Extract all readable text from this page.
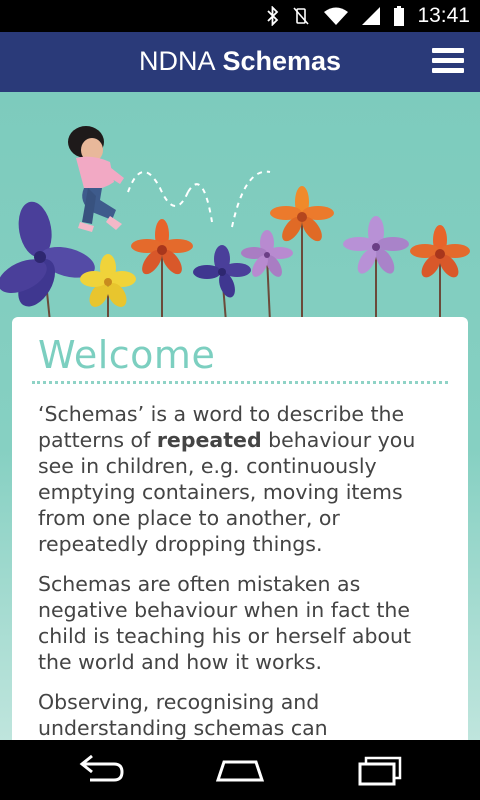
13:41
NDNA Schemas
Welcome

‘Schemas’ is a word to describe the patterns of repeated behaviour you see in children, e.g. continuously emptying containers, moving items from one place to another, or repeatedly dropping things.

Schemas are often mistaken as negative behaviour when in fact the child is teaching his or herself about the world and how it works.

Observing, recognising and understanding schemas can
